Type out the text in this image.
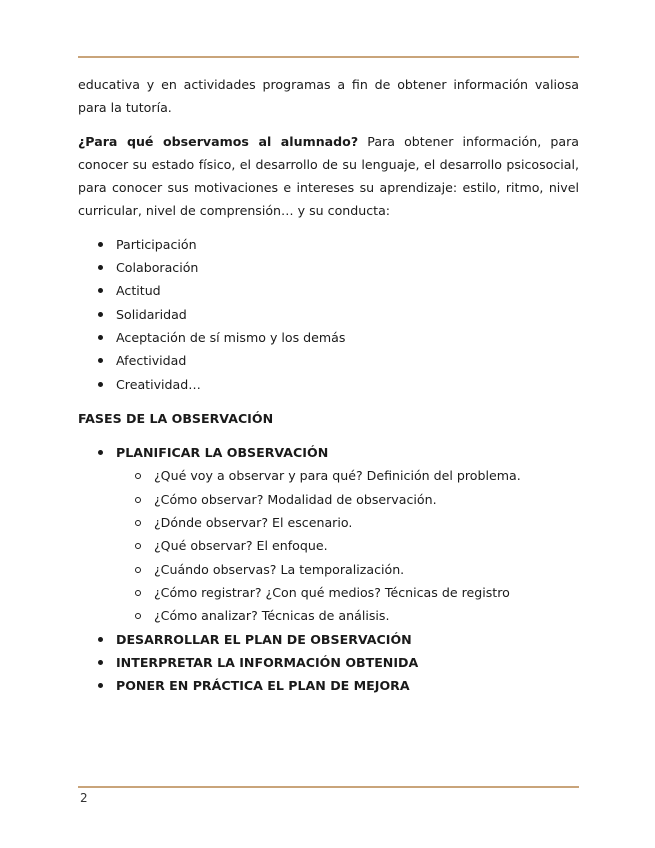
educativa y en actividades programas a fin de obtener información valiosa para la tutoría.

¿Para qué observamos al alumnado? Para obtener información, para conocer su estado físico, el desarrollo de su lenguaje, el desarrollo psicosocial, para conocer sus motivaciones e intereses su aprendizaje: estilo, ritmo, nivel curricular, nivel de comprensión… y su conducta:

Participación
Colaboración
Actitud
Solidaridad
Aceptación de sí mismo y los demás
Afectividad
Creatividad…
FASES DE LA OBSERVACIÓN
PLANIFICAR LA OBSERVACIÓN
¿Qué voy a observar y para qué? Definición del problema.
¿Cómo observar? Modalidad de observación.
¿Dónde observar? El escenario.
¿Qué observar? El enfoque.
¿Cuándo observas? La temporalización.
¿Cómo registrar? ¿Con qué medios? Técnicas de registro
¿Cómo analizar? Técnicas de análisis.
DESARROLLAR EL PLAN DE OBSERVACIÓN
INTERPRETAR LA INFORMACIÓN OBTENIDA
PONER EN PRÁCTICA EL PLAN DE MEJORA
2
